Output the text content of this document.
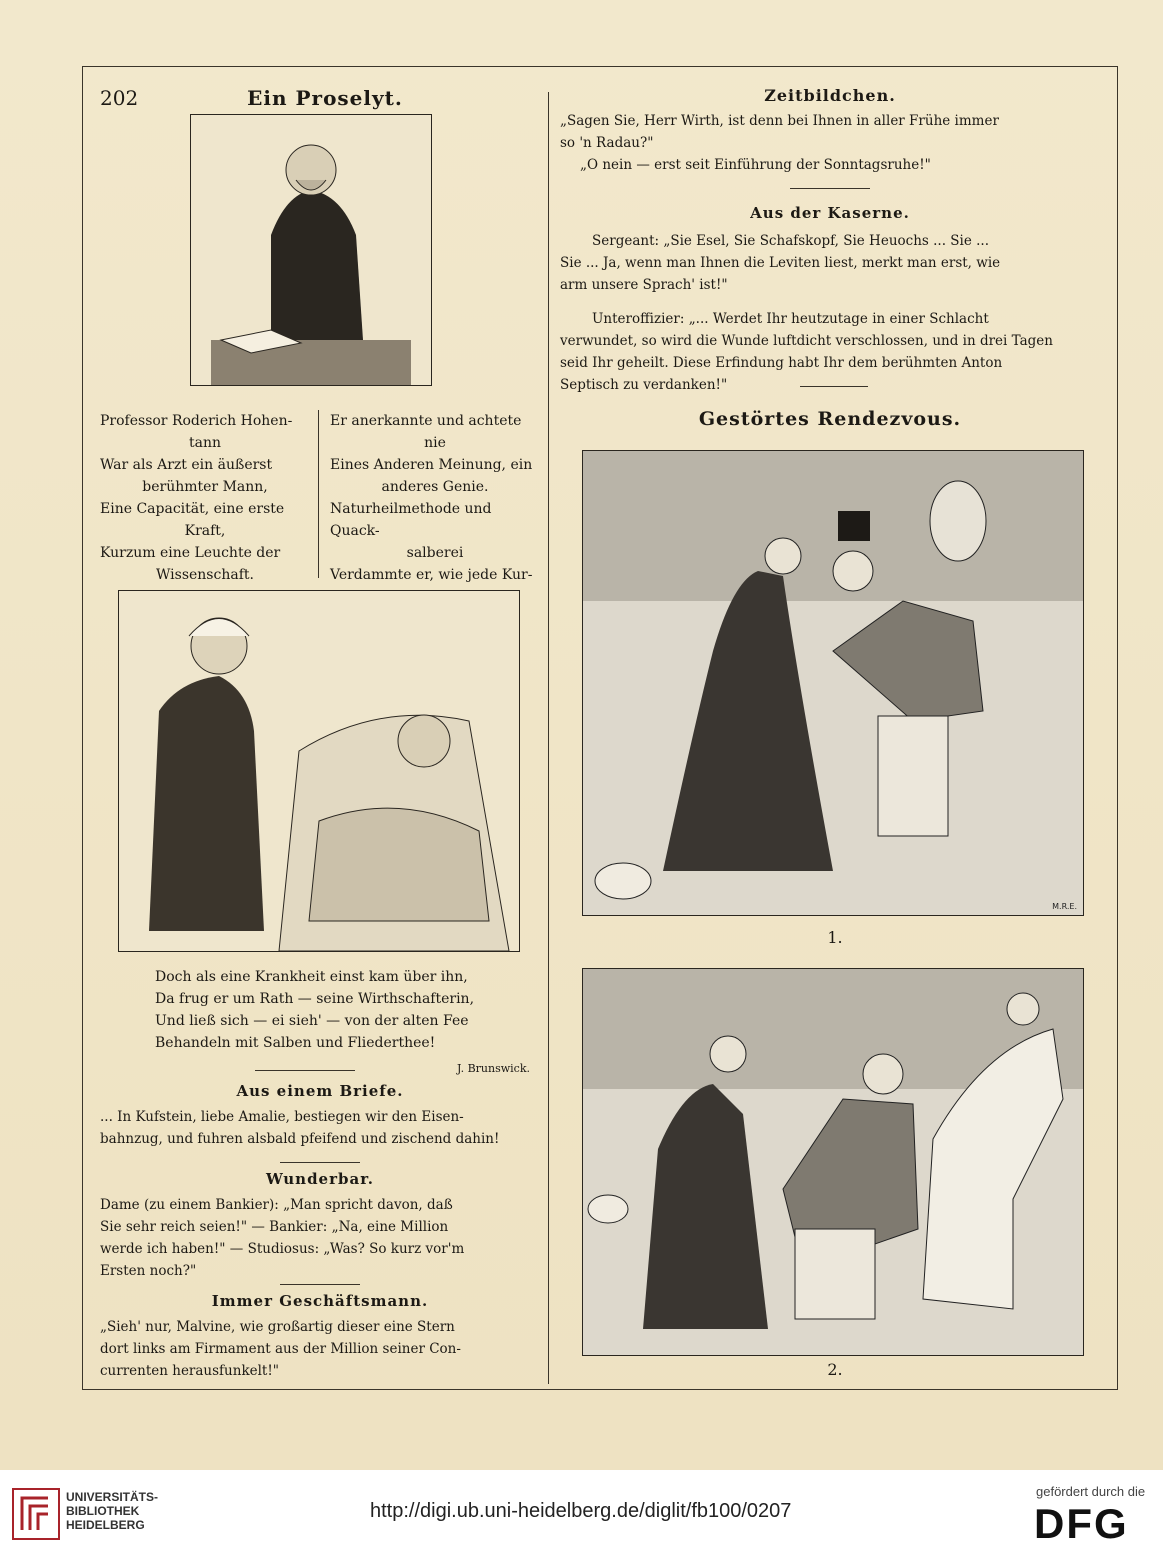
202	Ein Proselyt.
Professor Roderich Hohen-
tann
War als Arzt ein äußerst
berühmter Mann,
Eine Capacität, eine erste
Kraft,
Kurzum eine Leuchte der
Wissenschaft.
Er anerkannte und achtete
nie
Eines Anderen Meinung, ein
anderes Genie.
Naturheilmethode und Quack-
salberei
Verdammte er, wie jede Kur-
Doch als eine Krankheit einst kam über ihn,
Da frug er um Rath — seine Wirthschafterin,
Und ließ sich — ei sieh' — von der alten Fee
Behandeln mit Salben und Fliederthee!
J. Brunswick.
Aus einem Briefe.
... In Kufstein, liebe Amalie, bestiegen wir den Eisen-
bahnzug, und fuhren alsbald pfeifend und zischend dahin!
Wunderbar.
Dame (zu einem Bankier): „Man spricht davon, daß
Sie sehr reich seien!" — Bankier: „Na, eine Million
werde ich haben!" — Studiosus: „Was? So kurz vor'm
Ersten noch?"
Immer Geschäftsmann.
„Sieh' nur, Malvine, wie großartig dieser eine Stern
dort links am Firmament aus der Million seiner Con-
currenten herausfunkelt!"
Zeitbildchen.
„Sagen Sie, Herr Wirth, ist denn bei Ihnen in aller Frühe immer
so 'n Radau?"
„O nein — erst seit Einführung der Sonntagsruhe!"
Aus der Kaserne.
Sergeant: „Sie Esel, Sie Schafskopf, Sie Heuochs ... Sie ...
Sie ... Ja, wenn man Ihnen die Leviten liest, merkt man erst, wie
arm unsere Sprach' ist!"
Unteroffizier: „... Werdet Ihr heutzutage in einer Schlacht
verwundet, so wird die Wunde luftdicht verschlossen, und in drei Tagen
seid Ihr geheilt. Diese Erfindung habt Ihr dem berühmten Anton
Septisch zu verdanken!"
Gestörtes Rendezvous.
M.R.E.
1.
2.
UNIVERSITÄTS-
BIBLIOTHEK
HEIDELBERG
http://digi.ub.uni-heidelberg.de/diglit/fb100/0207
gefördert durch die
DFG
